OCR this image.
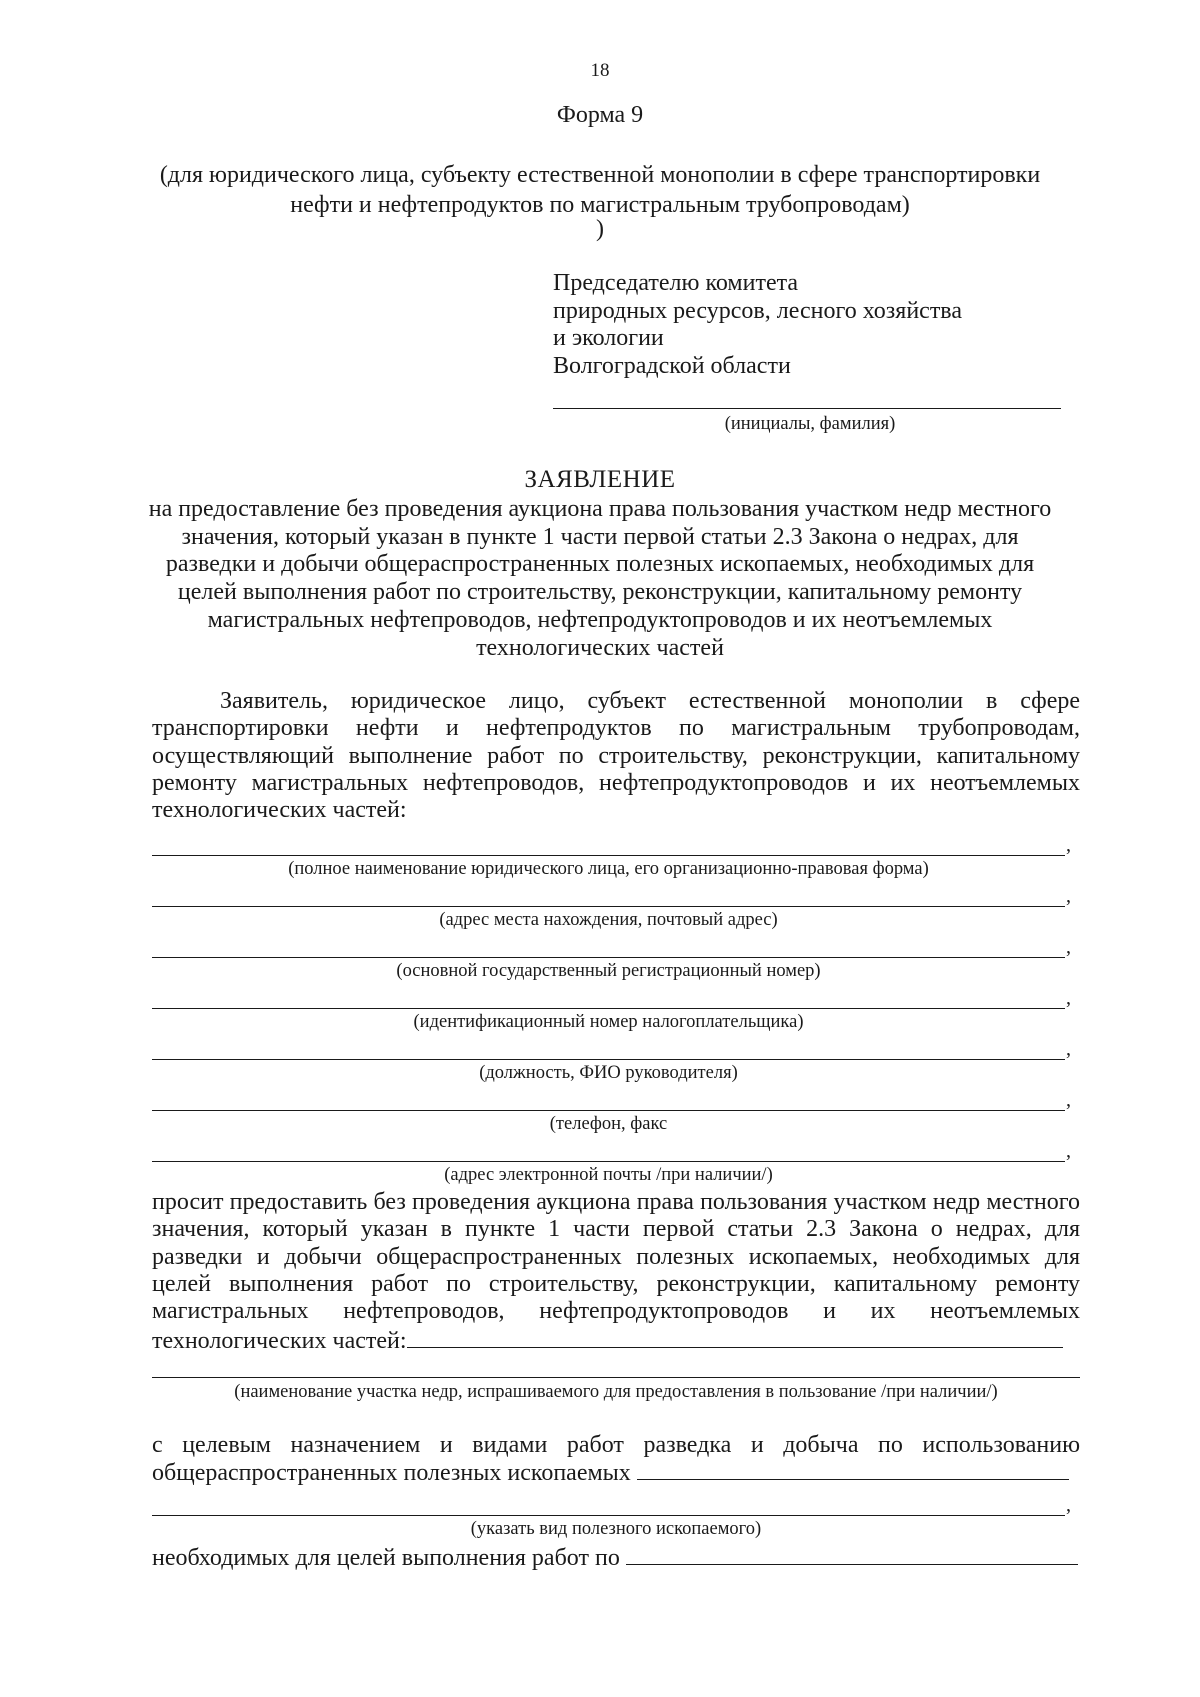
18
Форма 9
(для юридического лица, субъекту естественной монополии в сфере транспортировки
нефти и нефтепродуктов по магистральным трубопроводам)
)
Председателю комитета
природных ресурсов, лесного хозяйства
и экологии
Волгоградской области
(инициалы, фамилия)
ЗАЯВЛЕНИЕ
на предоставление без проведения аукциона права пользования участком недр местного
значения, который указан в пункте 1 части первой статьи 2.3 Закона о недрах, для
разведки и добычи общераспространенных полезных ископаемых, необходимых для
целей выполнения работ по строительству, реконструкции, капитальному ремонту
магистральных нефтепроводов, нефтепродуктопроводов и их неотъемлемых
технологических частей

Заявитель, юридическое лицо, субъект естественной монополии в сфере транспортировки нефти и нефтепродуктов по магистральным трубопроводам, осуществляющий выполнение работ по строительству, реконструкции, капитальному ремонту магистральных нефтепроводов, нефтепродуктопроводов и их неотъемлемых технологических частей:

,
(полное наименование юридического лица, его организационно-правовая форма)
,
(адрес места нахождения, почтовый адрес)
,
(основной государственный регистрационный номер)
,
(идентификационный номер налогоплательщика)
,
(должность, ФИО руководителя)
,
(телефон, факс
,
(адрес электронной почты /при наличии/)

просит предоставить без проведения аукциона права пользования участком недр местного значения, который указан в пункте 1 части первой статьи 2.3 Закона о недрах, для разведки и добычи общераспространенных полезных ископаемых, необходимых для целей выполнения работ по строительству, реконструкции, капитальному ремонту магистральных нефтепроводов, нефтепродуктопроводов и их неотъемлемых

технологических частей:
(наименование участка недр, испрашиваемого для предоставления в пользование /при наличии/)
с целевым назначением и видами работ разведка и добыча по использованию
общераспространенных полезных ископаемых
,
(указать вид полезного ископаемого)
необходимых для целей выполнения работ по
